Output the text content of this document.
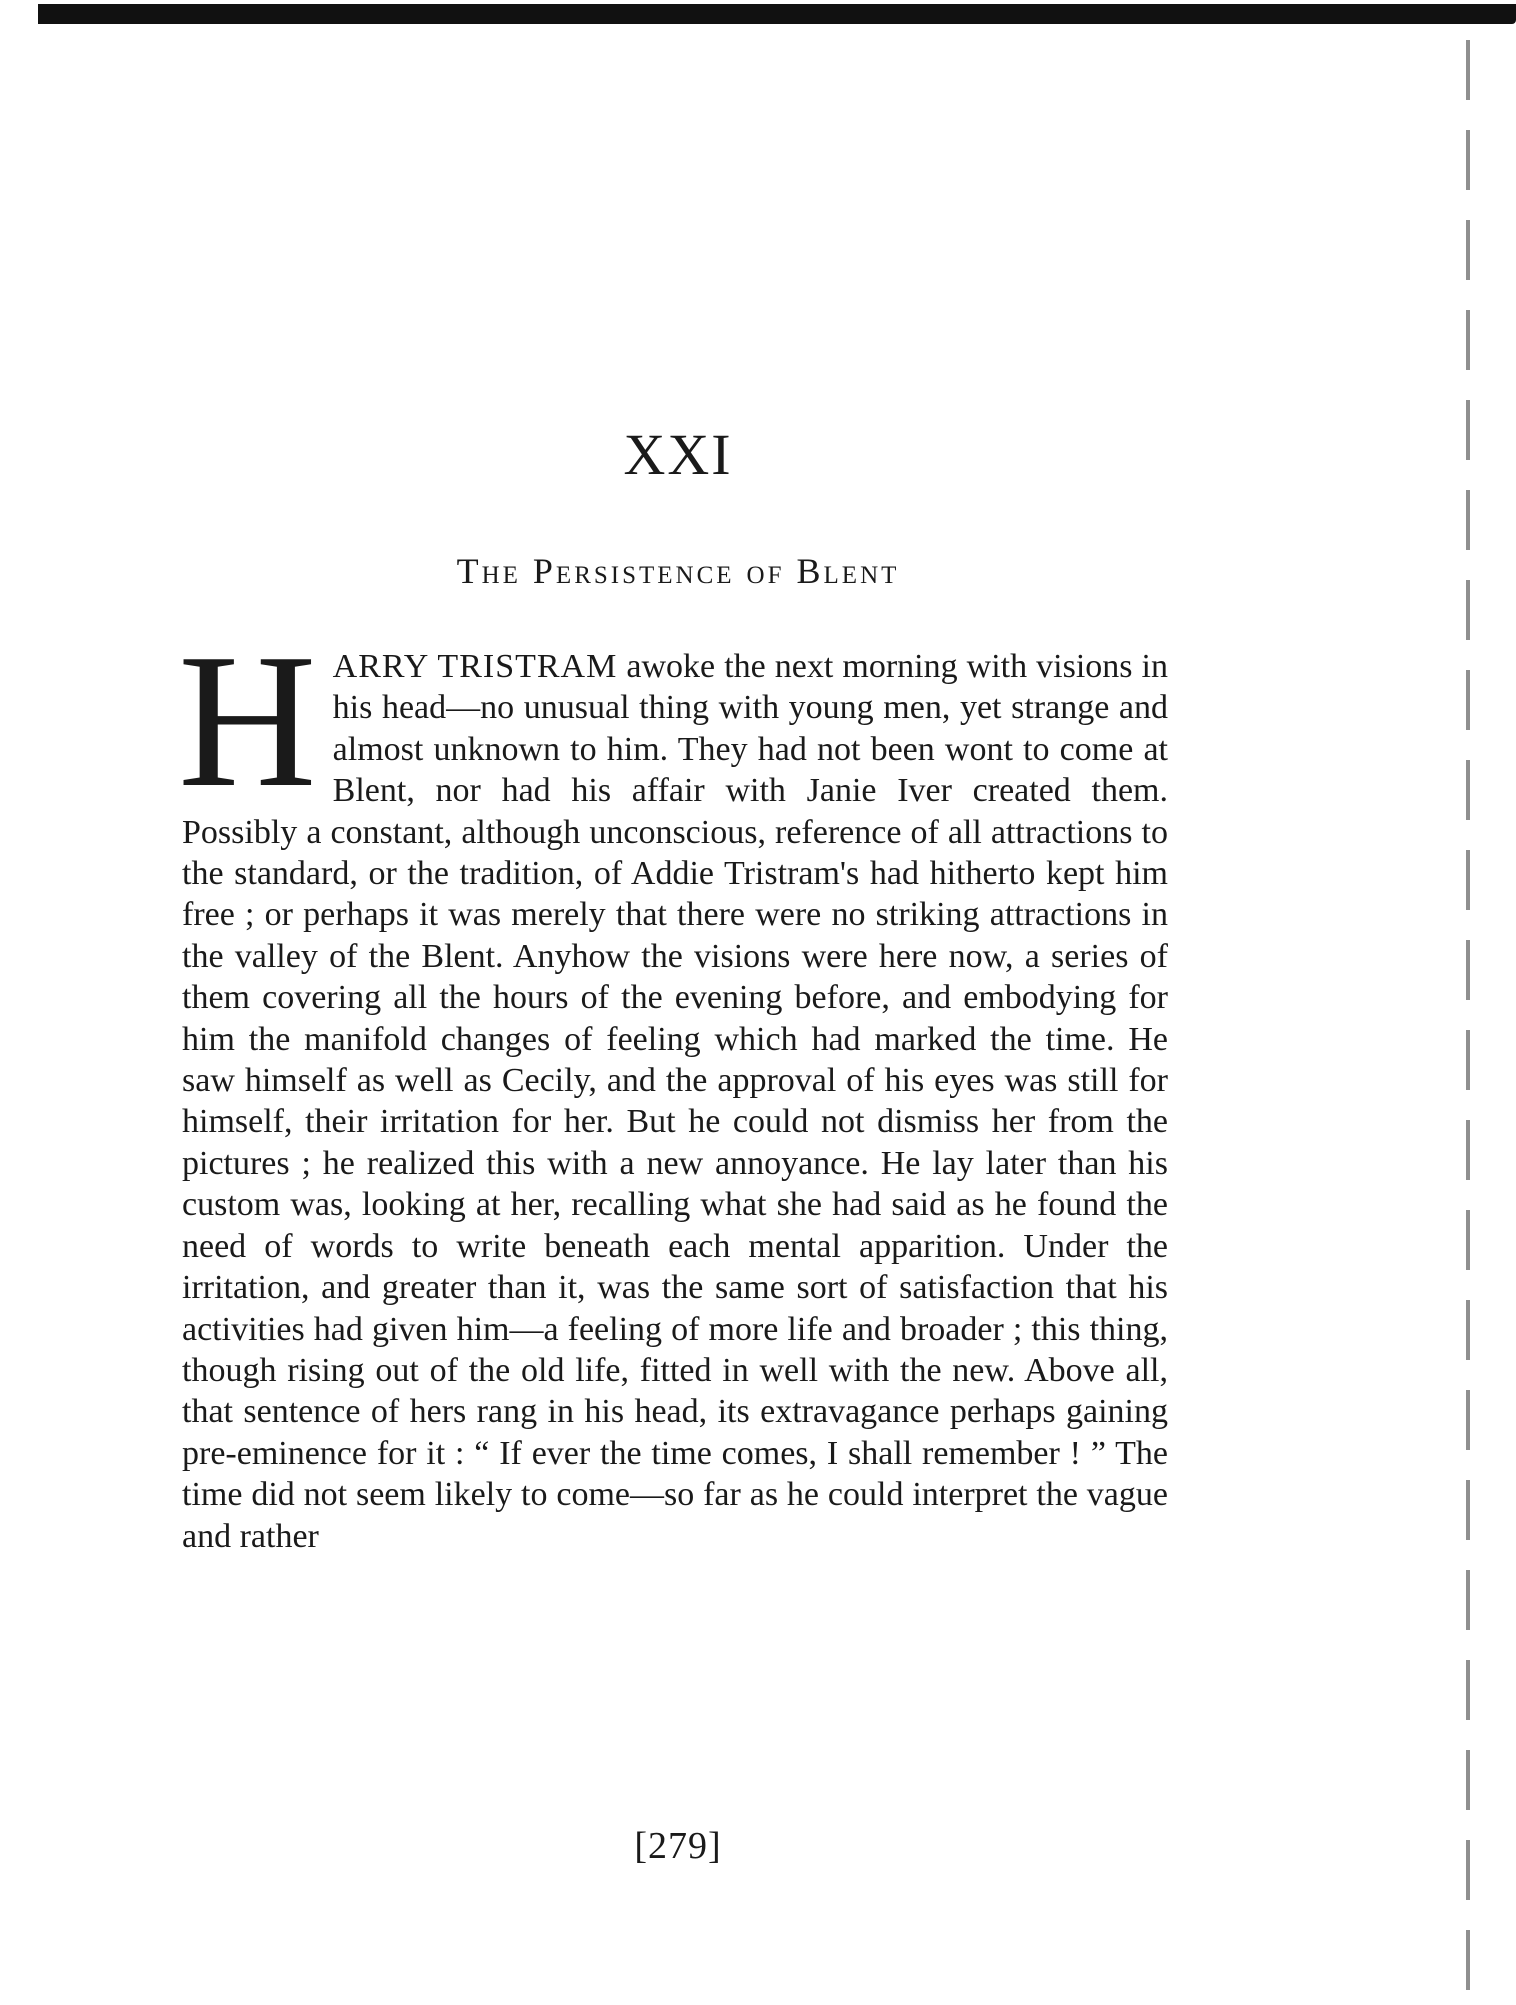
XXI
The Persistence of Blent
HARRY TRISTRAM awoke the next morning with visions in his head—no unusual thing with young men, yet strange and almost unknown to him. They had not been wont to come at Blent, nor had his affair with Janie Iver created them. Possibly a constant, although unconscious, reference of all attractions to the standard, or the tradition, of Addie Tristram's had hitherto kept him free ; or perhaps it was merely that there were no striking attractions in the valley of the Blent. Anyhow the visions were here now, a series of them covering all the hours of the evening before, and embodying for him the manifold changes of feeling which had marked the time. He saw himself as well as Cecily, and the approval of his eyes was still for himself, their irritation for her. But he could not dismiss her from the pictures ; he realized this with a new annoyance. He lay later than his custom was, looking at her, recalling what she had said as he found the need of words to write beneath each mental apparition. Under the irritation, and greater than it, was the same sort of satisfaction that his activities had given him—a feeling of more life and broader ; this thing, though rising out of the old life, fitted in well with the new. Above all, that sentence of hers rang in his head, its extravagance perhaps gaining pre-eminence for it : “ If ever the time comes, I shall remember ! ” The time did not seem likely to come—so far as he could interpret the vague and rather
[279]
